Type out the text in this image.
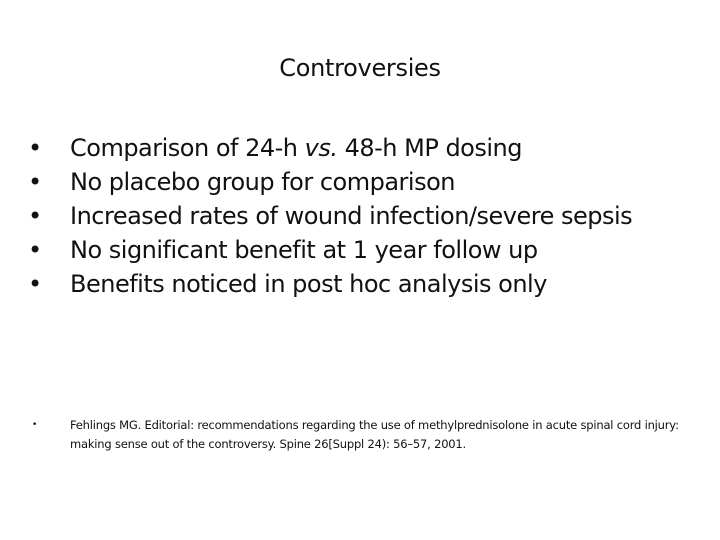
Controversies
• Comparison of 24-h vs. 48-h MP dosing
• No placebo group for comparison
• Increased rates of wound infection/severe sepsis
• No significant benefit at 1 year follow up
• Benefits noticed in post hoc analysis only
•	Fehlings MG. Editorial: recommendations regarding the use of methylprednisolone in acute spinal cord injury: making sense out of the controversy. Spine 26[Suppl 24): 56–57, 2001.
